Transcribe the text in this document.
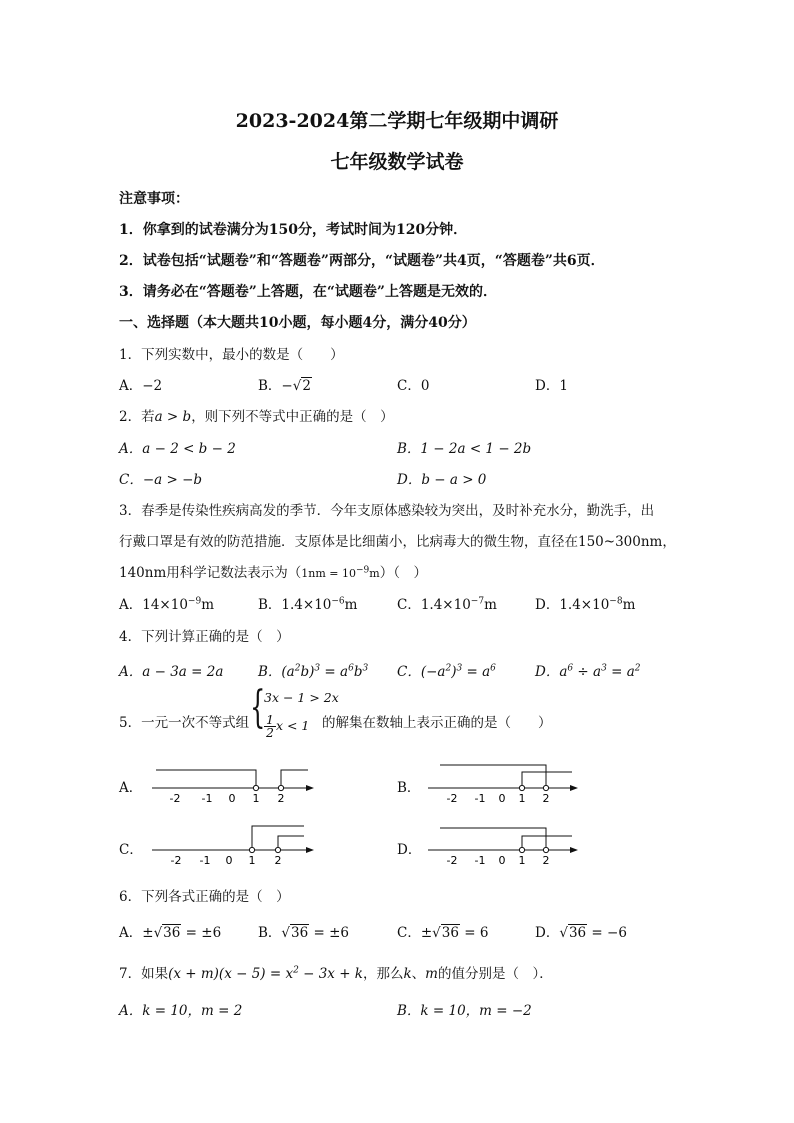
2023-2024第二学期七年级期中调研
七年级数学试卷
注意事项：
1．你拿到的试卷满分为150分，考试时间为120分钟．
2．试卷包括“试题卷”和“答题卷”两部分，“试题卷”共4页，“答题卷”共6页．
3．请务必在“答题卷”上答题，在“试题卷”上答题是无效的．
一、选择题（本大题共10小题，每小题4分，满分40分）
1．下列实数中，最小的数是（　　）
A．−2	B．−√2	C．0	D．1
2．若a > b，则下列不等式中正确的是（　）
A．a − 2 < b − 2	B．1 − 2a < 1 − 2b
C．−a > −b	D．b − a > 0
3．春季是传染性疾病高发的季节．今年支原体感染较为突出，及时补充水分，勤洗手，出
行戴口罩是有效的防范措施．支原体是比细菌小，比病毒大的微生物，直径在150~300nm，
140nm用科学记数法表示为$(1nm = 10^{-9}m)$（　）
A．$14\times 10^{-9}m$	B．$1.4\times 10^{-6}m$	C．$1.4\times 10^{-7}m$	D．$1.4\times 10^{-8}m$
4．下列计算正确的是（　）
A．a − 3a = 2a	B．$(a^2b)^3 = a^6b^3$ C．$(-a^2)^3 = a^6$	D．$a^6 \div a^3 = a^2$
5．一元一次不等式组 {
3x − 1 > 2x
$\frac{1}{2}$ x < 1 的解集在数轴上表示正确的是（　　）
A．	B．
C．	D．
-2 -1 0 1 2	-2 -1 0 1 2
-2 -1 0 1 2	-2 -1 0 1 2
6．下列各式正确的是（　）
A．±√36 = ±6	B．√36 = ±6	C．±√36 = 6	D．√36 = −6
7．如果$(x + m)(x - 5) = x^2 - 3x + k$，那么k、m的值分别是（　）．
A．k = 10，m = 2	B．k = 10，m = −2
